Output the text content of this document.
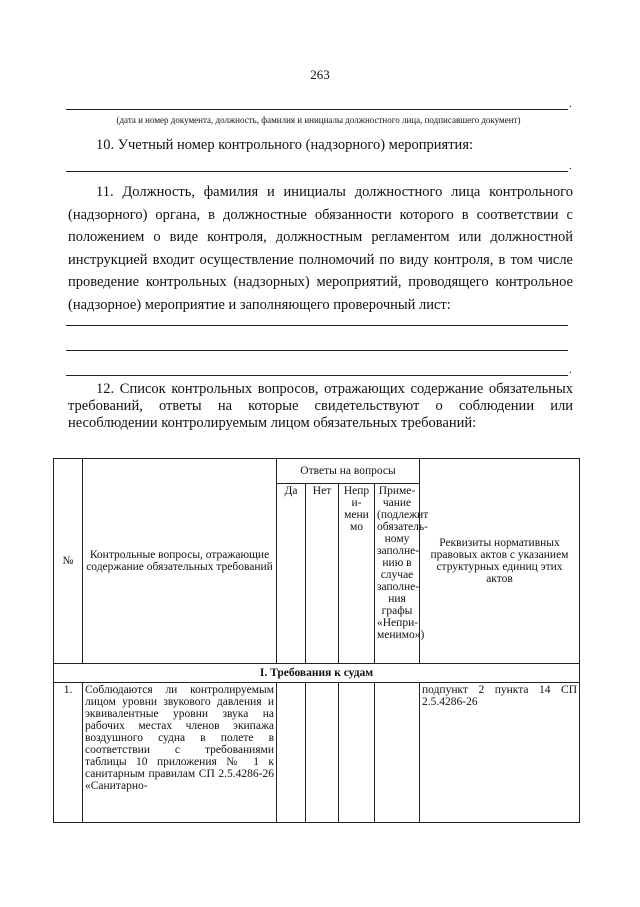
263
.
(дата и номер документа, должность, фамилия и инициалы должностного лица, подписавшего документ)
10. Учетный номер контрольного (надзорного) мероприятия:
.
11. Должность, фамилия и инициалы должностного лица контрольного (надзорного) органа, в должностные обязанности которого в соответствии с положением о виде контроля, должностным регламентом или должностной инструкцией входит осуществление полномочий по виду контроля, в том числе проведение контрольных (надзорных) мероприятий, проводящего контрольное (надзорное) мероприятие и заполняющего проверочный лист:
.
12. Список контрольных вопросов, отражающих содержание обязательных требований, ответы на которые свидетельствуют о соблюдении или несоблюдении контролируемым лицом обязательных требований:
№	Контрольные вопросы, отражающие содержание обязательных требований	Ответы на вопросы				Реквизиты нормативных правовых актов с указанием структурных единиц этих актов
		Да	Нет	Непр и- мени мо	Приме- чание (подлежит обязатель- ному заполне- нию в случае заполне- ния графы «Непри- менимо»)	
I. Требования к судам						
1.	Соблюдаются ли контролируемым лицом уровни звукового давления и эквивалентные уровни звука на рабочих местах членов экипажа воздушного судна в полете в соответствии с требованиями таблицы 10 приложения № 1 к санитарным правилам СП 2.5.4286-26 «Санитарно-					подпункт 2 пункта 14 СП 2.5.4286-26
